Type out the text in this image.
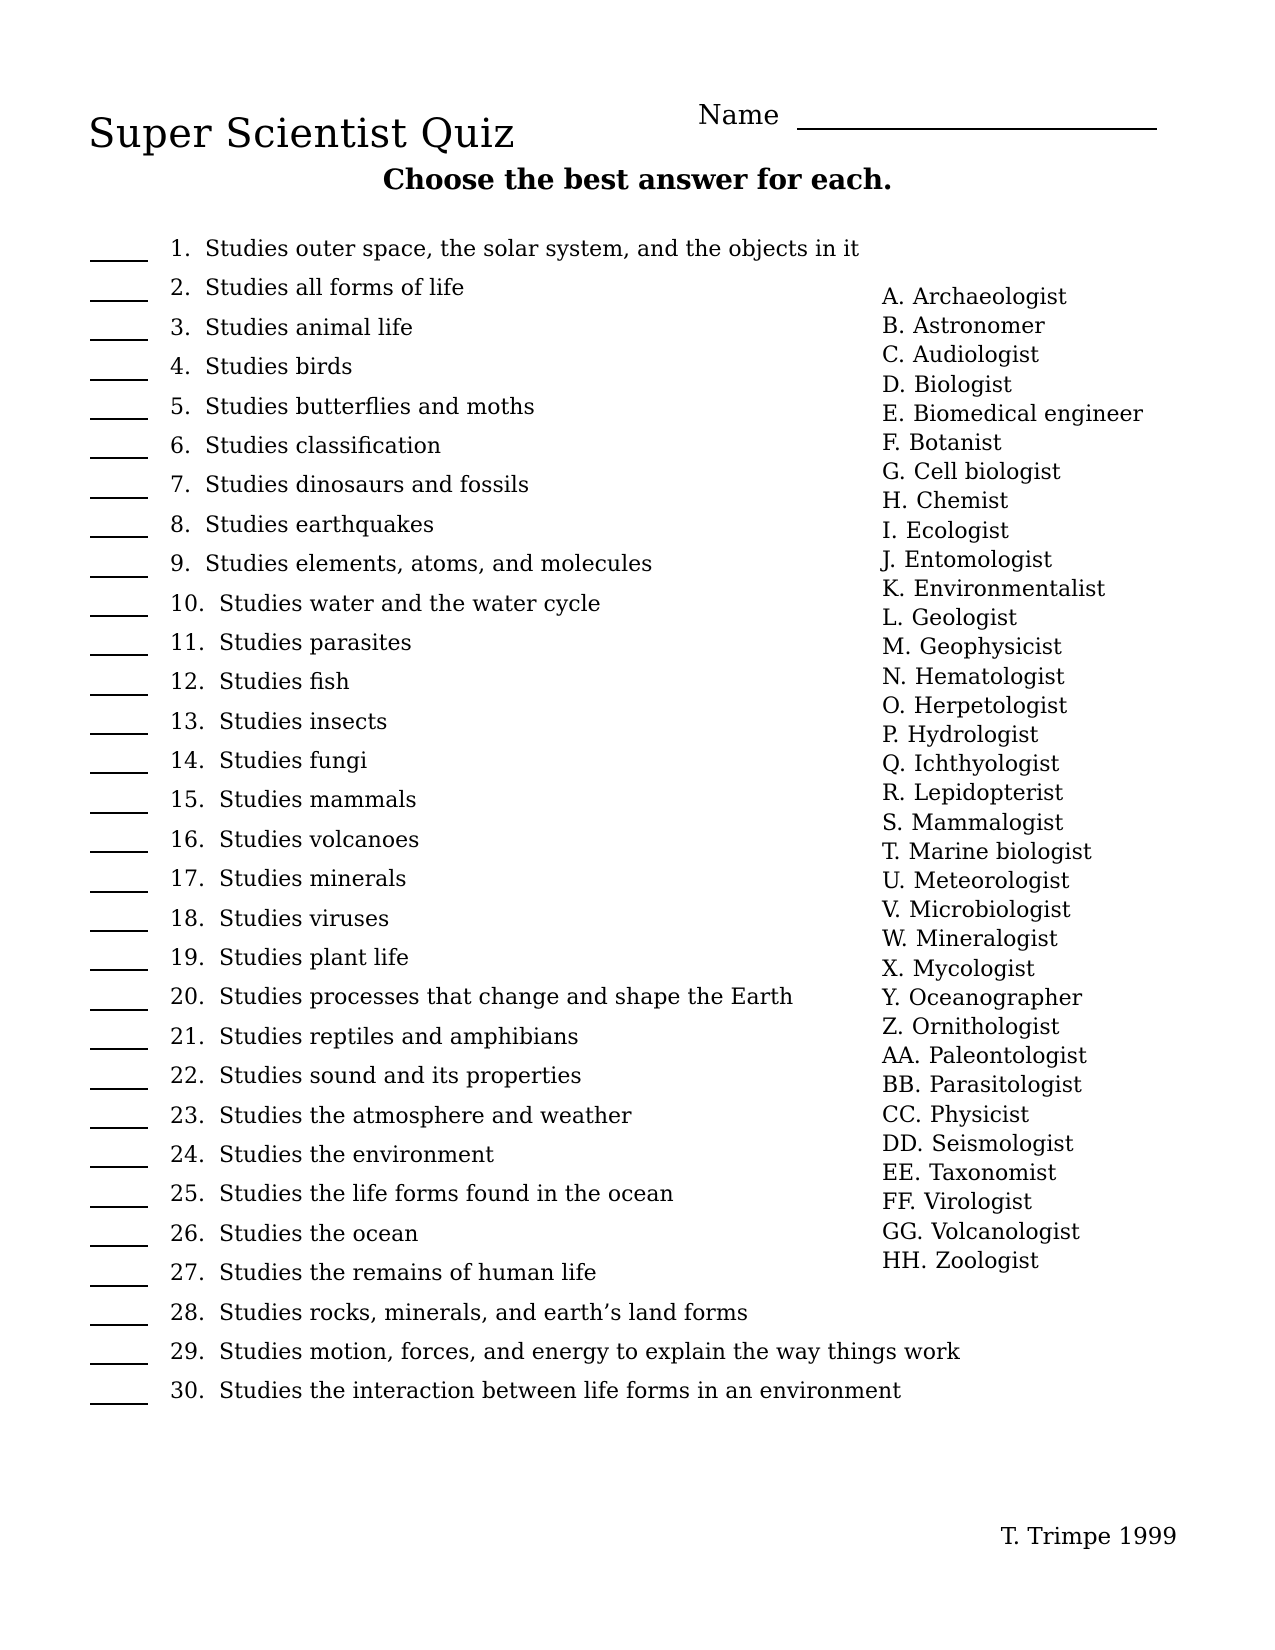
Super Scientist Quiz	Name
Choose the best answer for each.
1. Studies outer space, the solar system, and the objects in it
2. Studies all forms of life
3. Studies animal life
4. Studies birds
5. Studies butterflies and moths
6. Studies classification
7. Studies dinosaurs and fossils
8. Studies earthquakes
9. Studies elements, atoms, and molecules
10. Studies water and the water cycle
11. Studies parasites
12. Studies fish
13. Studies insects
14. Studies fungi
15. Studies mammals
16. Studies volcanoes
17. Studies minerals
18. Studies viruses
19. Studies plant life
20. Studies processes that change and shape the Earth
21. Studies reptiles and amphibians
22. Studies sound and its properties
23. Studies the atmosphere and weather
24. Studies the environment
25. Studies the life forms found in the ocean
26. Studies the ocean
27. Studies the remains of human life
28. Studies rocks, minerals, and earth’s land forms
29. Studies motion, forces, and energy to explain the way things work
30. Studies the interaction between life forms in an environment
A. Archaeologist
B. Astronomer
C. Audiologist
D. Biologist
E. Biomedical engineer
F. Botanist
G. Cell biologist
H. Chemist
I. Ecologist
J. Entomologist
K. Environmentalist
L. Geologist
M. Geophysicist
N. Hematologist
O. Herpetologist
P. Hydrologist
Q. Ichthyologist
R. Lepidopterist
S. Mammalogist
T. Marine biologist
U. Meteorologist
V. Microbiologist
W. Mineralogist
X. Mycologist
Y. Oceanographer
Z. Ornithologist
AA. Paleontologist
BB. Parasitologist
CC. Physicist
DD. Seismologist
EE. Taxonomist
FF. Virologist
GG. Volcanologist
HH. Zoologist
T. Trimpe 1999
